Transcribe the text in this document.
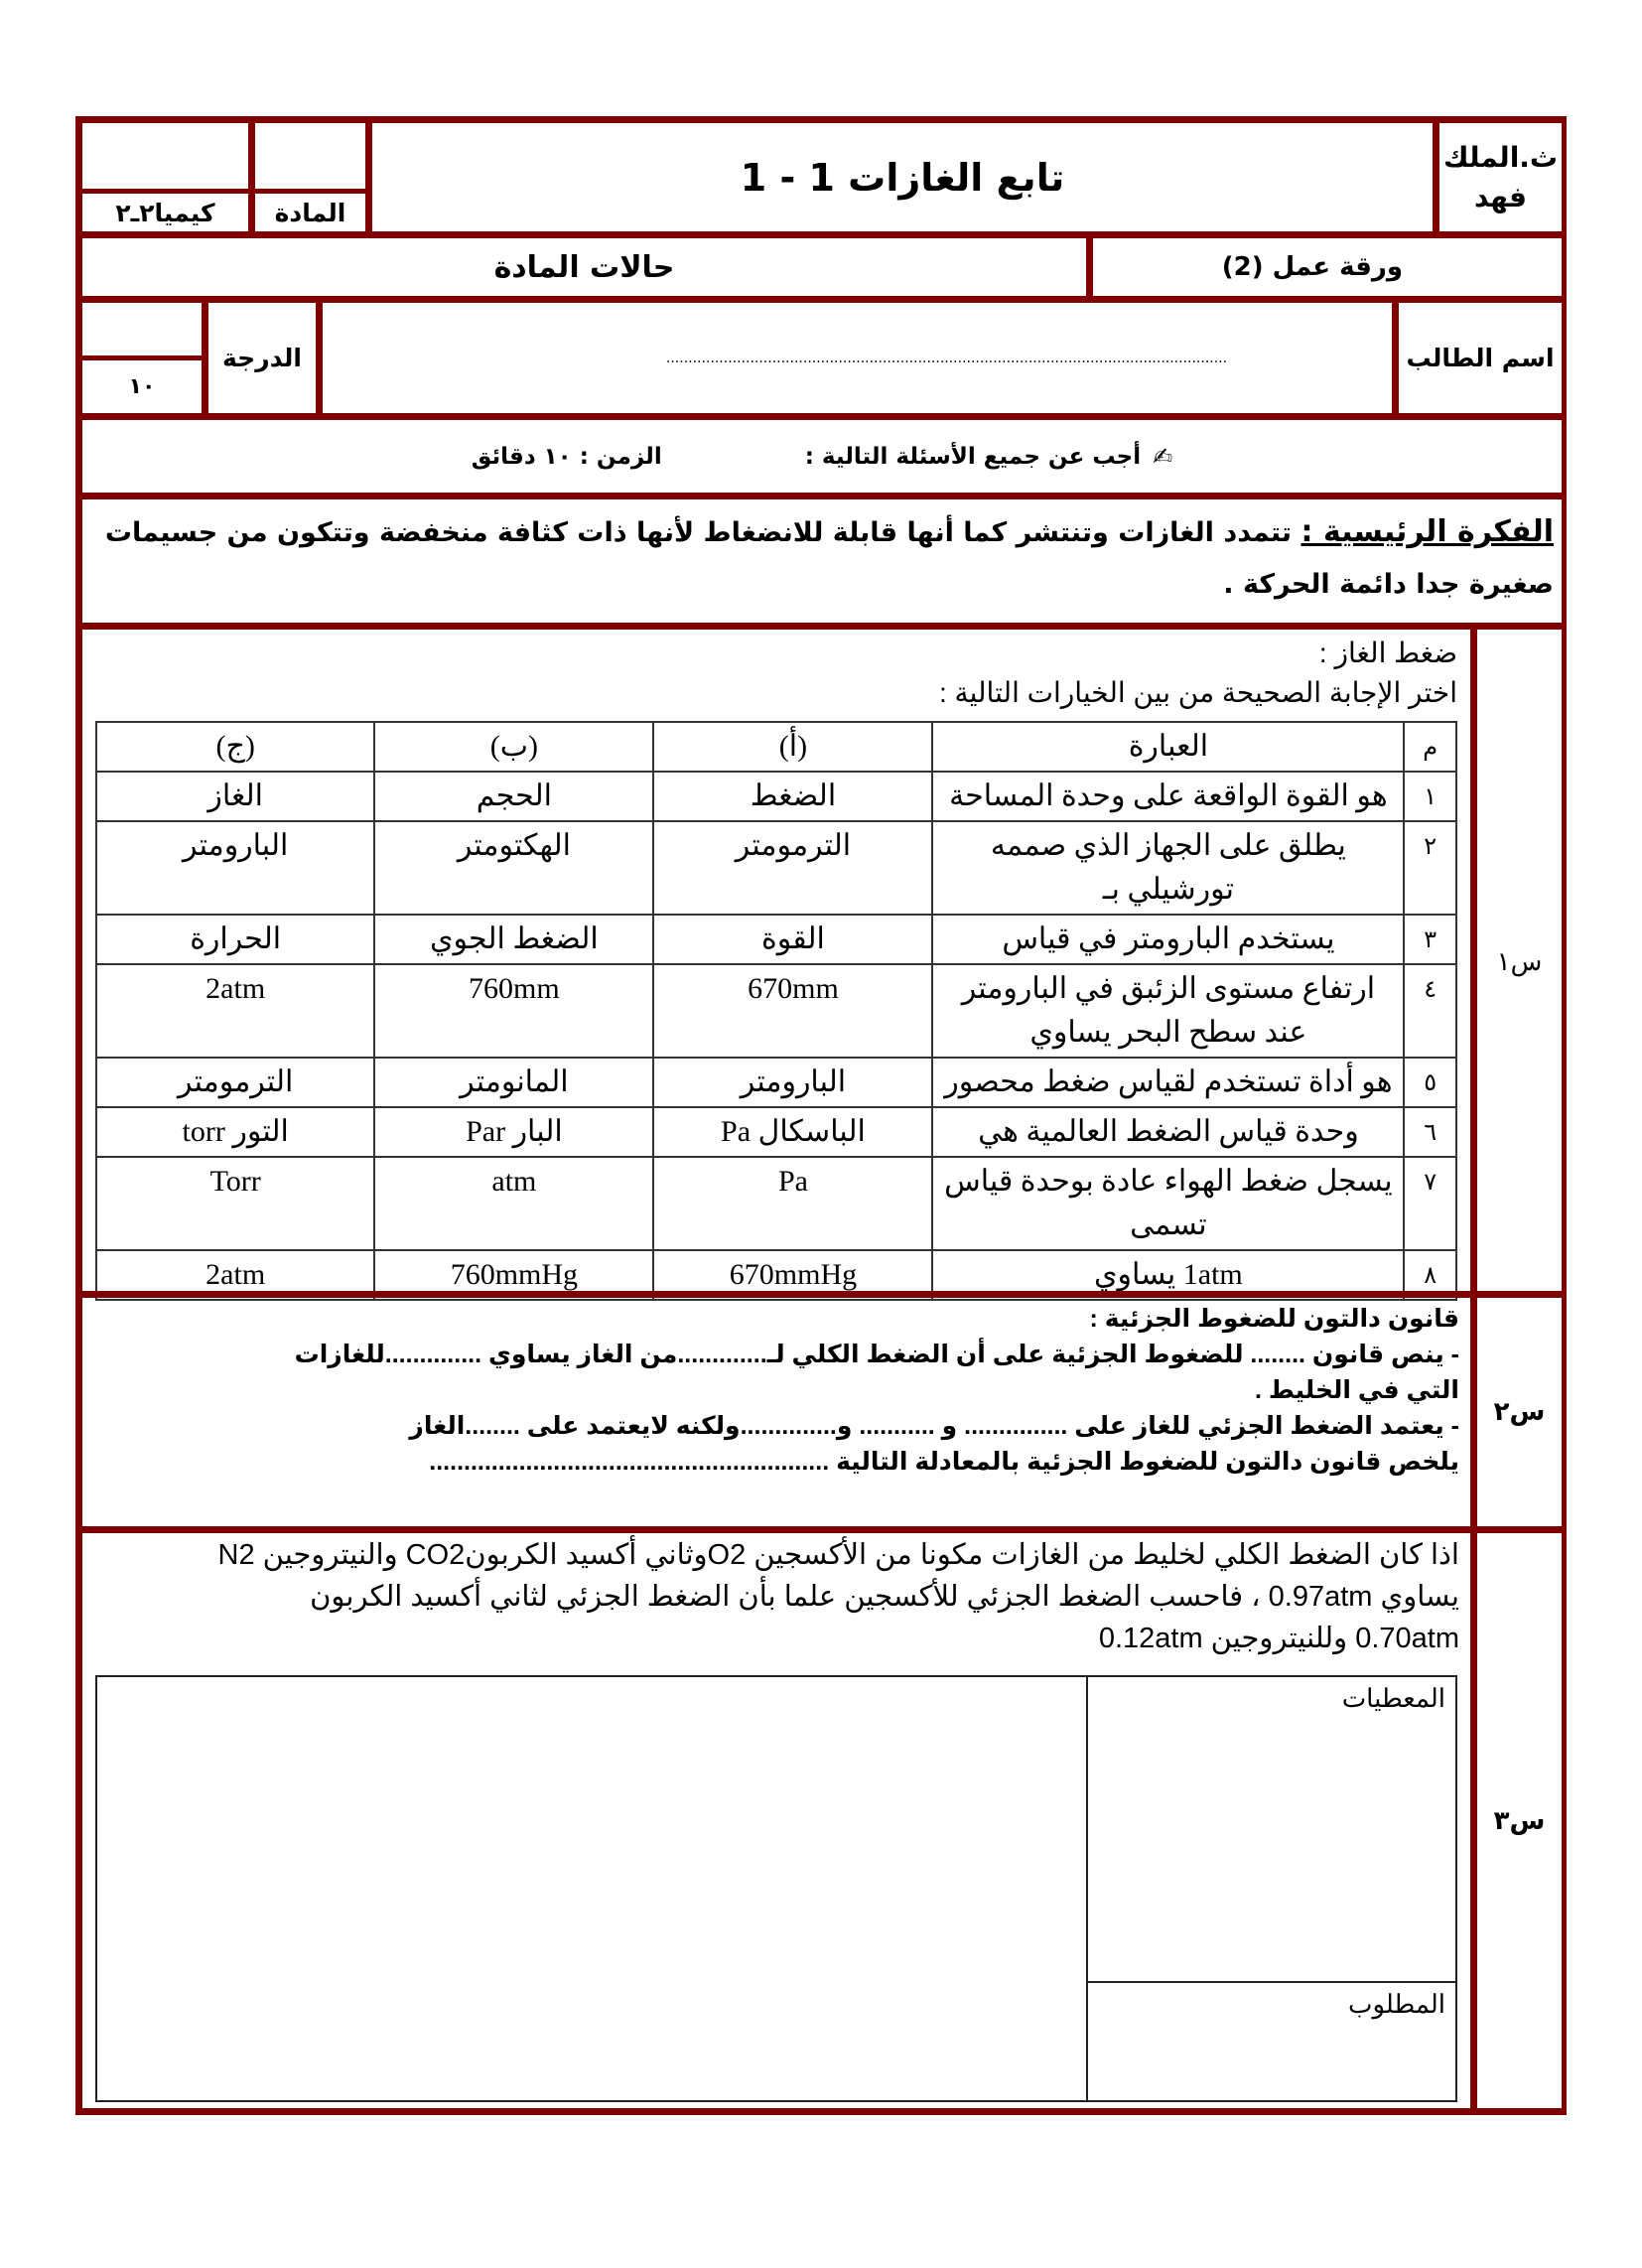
كيميا٢ـ٢	المادة
تابع الغازات 1 - 1	ث.الملك فهد
حالات المادة	ورقة عمل (2)
١٠
الدرجة	...............................................................................................................................	اسم الطالب
✍
أجب عن جميع الأسئلة التالية :
الزمن : ١٠ دقائق
الفكرة الرئيسية : تتمدد الغازات وتنتشر كما أنها قابلة للانضغاط لأنها ذات كثافة منخفضة وتتكون من جسيمات صغيرة جدا دائمة الحركة .
س١
ضغط الغاز :
اختر الإجابة الصحيحة من بين الخيارات التالية :
م	العبارة	(أ)	(ب)	(ج)
١	هو القوة الواقعة على وحدة المساحة	الضغط	الحجم	الغاز
٢	يطلق على الجهاز الذي صممه تورشيلي بـ	الترمومتر	الهكتومتر	البارومتر
٣	يستخدم البارومتر في قياس	القوة	الضغط الجوي	الحرارة
٤	ارتفاع مستوى الزئبق في البارومتر عند سطح البحر يساوي	670mm	760mm	2atm
٥	هو أداة تستخدم لقياس ضغط محصور	البارومتر	المانومتر	الترمومتر
٦	وحدة قياس الضغط العالمية هي	الباسكال Pa	البار Par	التور torr
٧	يسجل ضغط الهواء عادة بوحدة قياس تسمى	Pa	atm	Torr
٨	1atm يساوي	670mmHg	760mmHg	2atm
س٢
قانون دالتون للضغوط الجزئية :
- ينص قانون ........ للضغوط الجزئية على أن الضغط الكلي لـ.............من الغاز يساوي ..............للغازات
التي في الخليط .
- يعتمد الضغط الجزئي للغاز على ............... و ........... و..............ولكنه لايعتمد على ........الغاز
يلخص قانون دالتون للضغوط الجزئية بالمعادلة التالية ..........................................................
س٣
اذا كان الضغط الكلي لخليط من الغازات مكونا من الأكسجين O2وثاني أكسيد الكربونCO2 والنيتروجين N2
يساوي 0.97atm ، فاحسب الضغط الجزئي للأكسجين علما بأن الضغط الجزئي لثاني أكسيد الكربون
0.70atm وللنيتروجين 0.12atm
المعطيات
المطلوب
